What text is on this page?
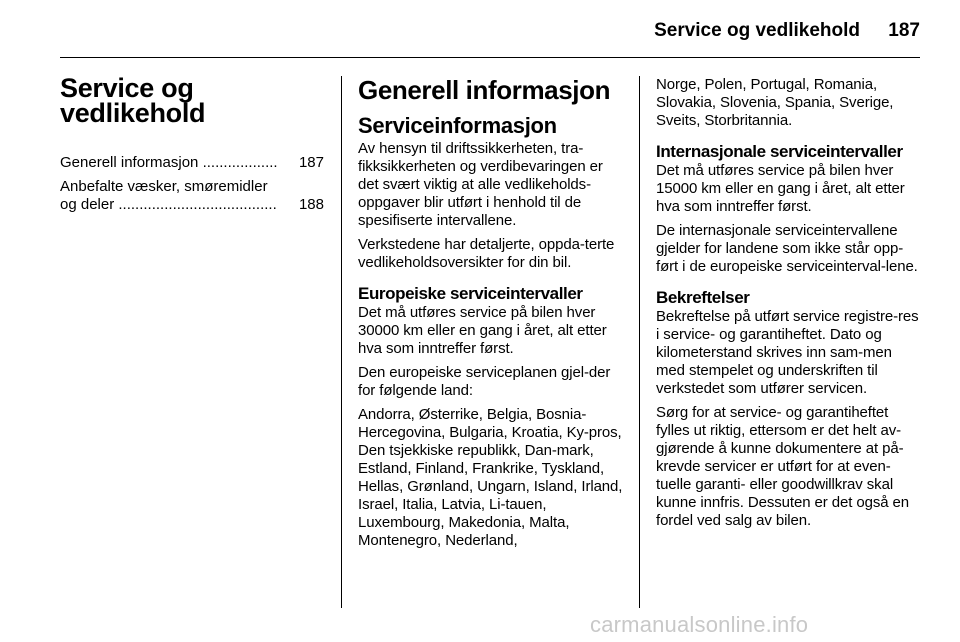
Service og vedlikehold	187
Service og
vedlikehold
Generell informasjon ..................	187
Anbefalte væsker, smøremidler
og deler ......................................	188
Generell informasjon
Serviceinformasjon
Av hensyn til driftssikkerheten, tra-fikksikkerheten og verdibevaringen er det svært viktig at alle vedlikeholds-oppgaver blir utført i henhold til de spesifiserte intervallene.
Verkstedene har detaljerte, oppda-terte vedlikeholdsoversikter for din bil.
Europeiske serviceintervaller
Det må utføres service på bilen hver 30000 km eller en gang i året, alt etter hva som inntreffer først.
Den europeiske serviceplanen gjel-der for følgende land:
Andorra, Østerrike, Belgia, Bosnia-Hercegovina, Bulgaria, Kroatia, Ky-pros, Den tsjekkiske republikk, Dan-mark, Estland, Finland, Frankrike, Tyskland, Hellas, Grønland, Ungarn, Island, Irland, Israel, Italia, Latvia, Li-tauen, Luxembourg, Makedonia, Malta, Montenegro, Nederland,
Norge, Polen, Portugal, Romania, Slovakia, Slovenia, Spania, Sverige, Sveits, Storbritannia.
Internasjonale serviceintervaller
Det må utføres service på bilen hver 15000 km eller en gang i året, alt etter hva som inntreffer først.
De internasjonale serviceintervallene gjelder for landene som ikke står opp-ført i de europeiske serviceinterval-lene.
Bekreftelser
Bekreftelse på utført service registre-res i service- og garantiheftet. Dato og kilometerstand skrives inn sam-men med stempelet og underskriften til verkstedet som utfører servicen.
Sørg for at service- og garantiheftet fylles ut riktig, ettersom er det helt av-gjørende å kunne dokumentere at på-krevde servicer er utført for at even-tuelle garanti- eller goodwillkrav skal kunne innfris. Dessuten er det også en fordel ved salg av bilen.
carmanualsonline.info
